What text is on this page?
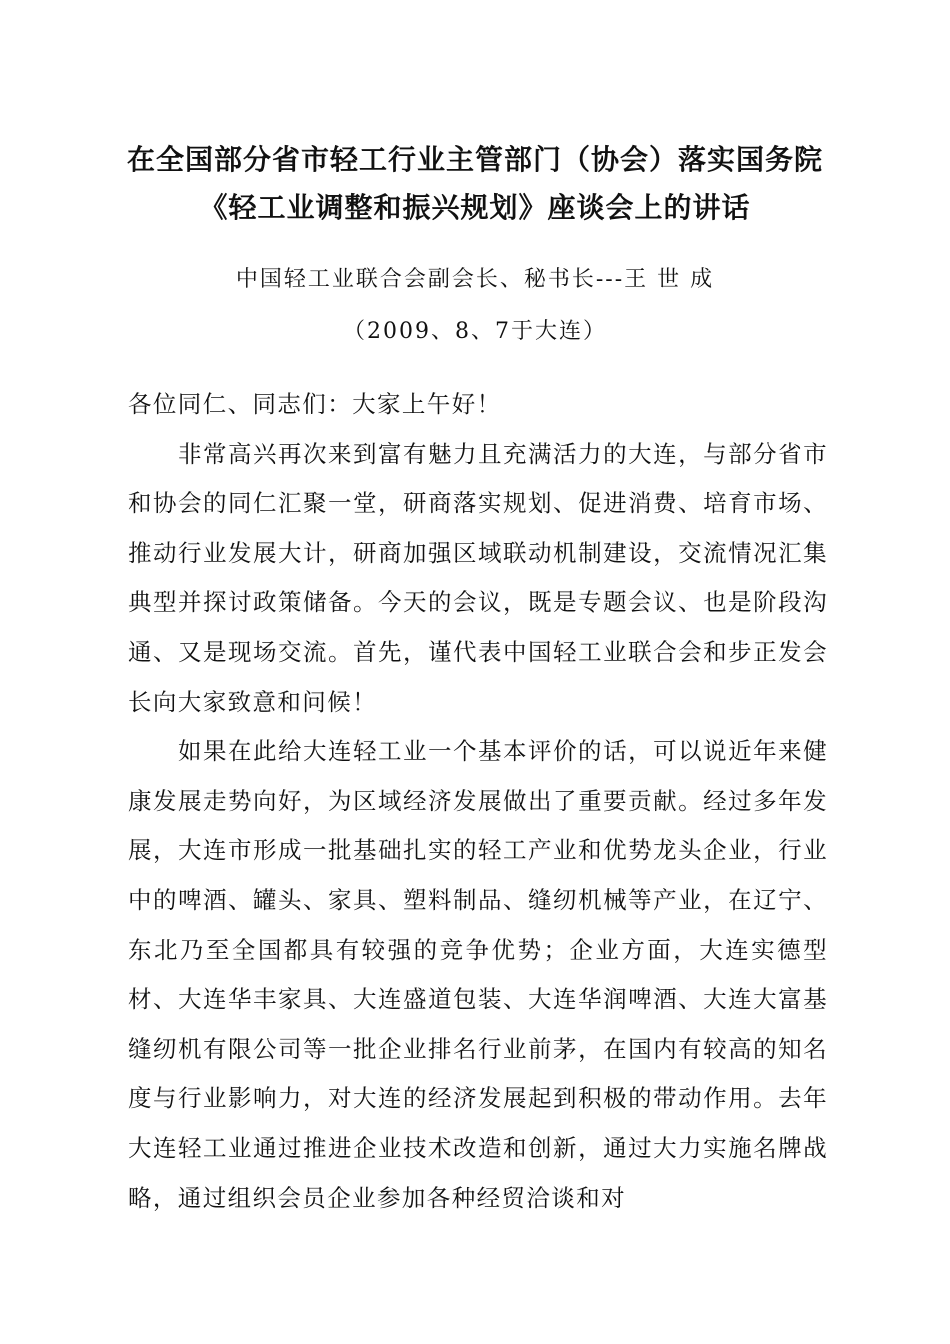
在全国部分省市轻工行业主管部门（协会）落实国务院
《轻工业调整和振兴规划》座谈会上的讲话
中国轻工业联合会副会长、秘书长---王 世 成
（2009、8、7于大连）

各位同仁、同志们：大家上午好！

非常高兴再次来到富有魅力且充满活力的大连，与部分省市和协会的同仁汇聚一堂，研商落实规划、促进消费、培育市场、推动行业发展大计，研商加强区域联动机制建设，交流情况汇集典型并探讨政策储备。今天的会议，既是专题会议、也是阶段沟通、又是现场交流。首先，谨代表中国轻工业联合会和步正发会长向大家致意和问候！

如果在此给大连轻工业一个基本评价的话，可以说近年来健康发展走势向好，为区域经济发展做出了重要贡献。经过多年发展，大连市形成一批基础扎实的轻工产业和优势龙头企业，行业中的啤酒、罐头、家具、塑料制品、缝纫机械等产业，在辽宁、东北乃至全国都具有较强的竞争优势；企业方面，大连实德型材、大连华丰家具、大连盛道包装、大连华润啤酒、大连大富基缝纫机有限公司等一批企业排名行业前茅，在国内有较高的知名度与行业影响力，对大连的经济发展起到积极的带动作用。去年大连轻工业通过推进企业技术改造和创新，通过大力实施名牌战略，通过组织会员企业参加各种经贸洽谈和对
